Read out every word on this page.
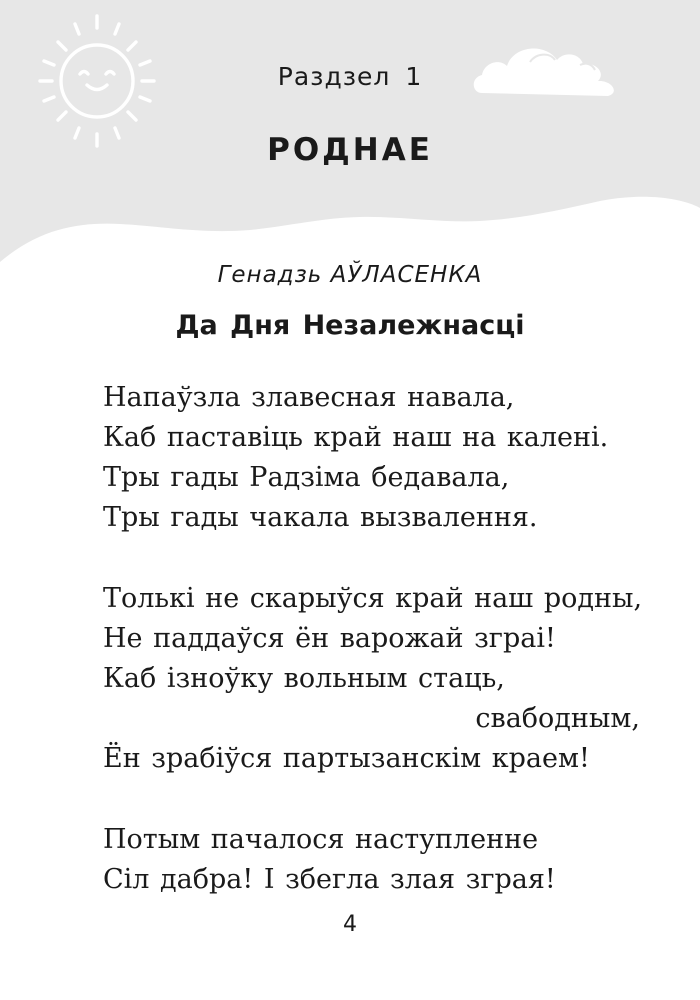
Раздзел 1
РОДНАЕ
Генадзь АЎЛАСЕНКА
Да Дня Незалежнасці
Напаўзла злавесная навала,
Каб паставіць край наш на калені.
Тры гады Радзіма бедавала,
Тры гады чакала вызвалення.
Толькі не скарыўся край наш родны,
Не паддаўся ён варожай зграі!
Каб ізноўку вольным стаць,
свабодным,
Ён зрабіўся партызанскім краем!
Потым пачалося наступленне
Сіл дабра! І збегла злая зграя!
4
